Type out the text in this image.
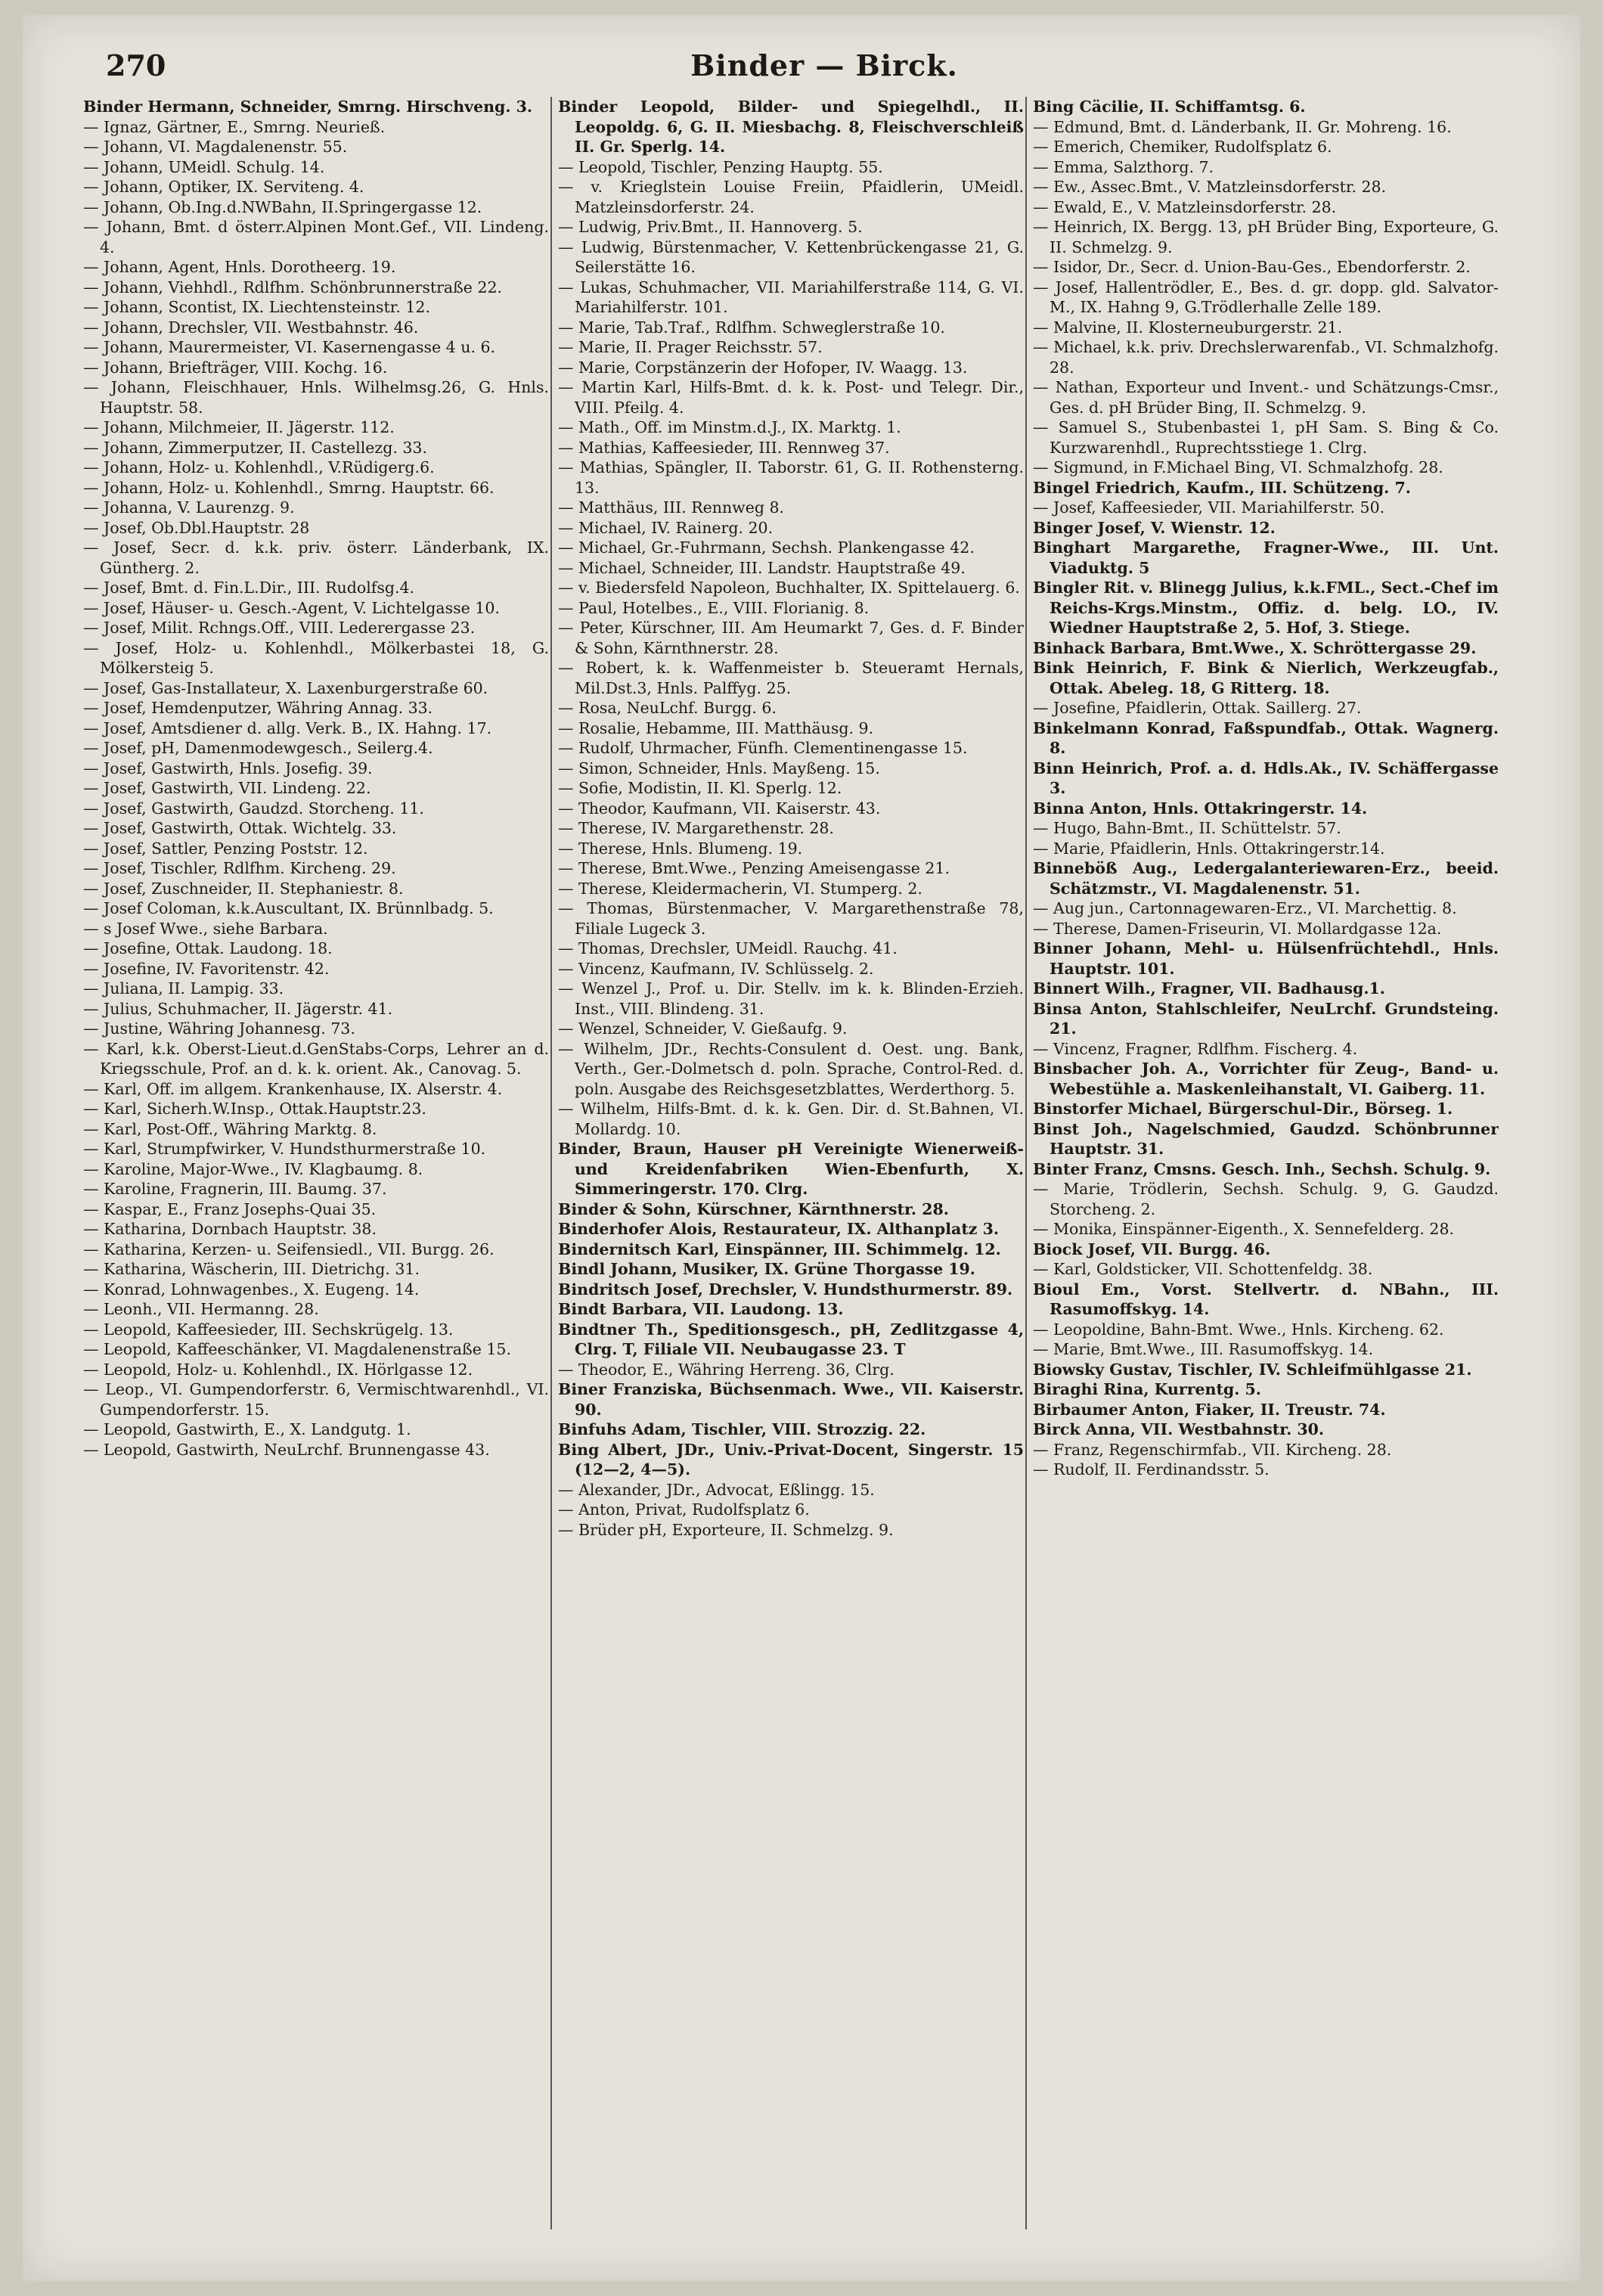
270	Binder — Birck.
Binder Hermann, Schneider, Smrng. Hirschveng. 3.
— Ignaz, Gärtner, E., Smrng. Neurieß.
— Johann, VI. Magdalenenstr. 55.
— Johann, UMeidl. Schulg. 14.
— Johann, Optiker, IX. Serviteng. 4.
— Johann, Ob.Ing.d.NWBahn, II.Springergasse 12.
— Johann, Bmt. d österr.Alpinen Mont.Gef., VII. Lindeng. 4.
— Johann, Agent, Hnls. Dorotheerg. 19.
— Johann, Viehhdl., Rdlfhm. Schönbrunnerstraße 22.
— Johann, Scontist, IX. Liechtensteinstr. 12.
— Johann, Drechsler, VII. Westbahnstr. 46.
— Johann, Maurermeister, VI. Kasernengasse 4 u. 6.
— Johann, Briefträger, VIII. Kochg. 16.
— Johann, Fleischhauer, Hnls. Wilhelmsg.26, G. Hnls. Hauptstr. 58.
— Johann, Milchmeier, II. Jägerstr. 112.
— Johann, Zimmerputzer, II. Castellezg. 33.
— Johann, Holz- u. Kohlenhdl., V.Rüdigerg.6.
— Johann, Holz- u. Kohlenhdl., Smrng. Hauptstr. 66.
— Johanna, V. Laurenzg. 9.
— Josef, Ob.Dbl.Hauptstr. 28
— Josef, Secr. d. k.k. priv. österr. Länderbank, IX. Güntherg. 2.
— Josef, Bmt. d. Fin.L.Dir., III. Rudolfsg.4.
— Josef, Häuser- u. Gesch.-Agent, V. Lichtelgasse 10.
— Josef, Milit. Rchngs.Off., VIII. Lederergasse 23.
— Josef, Holz- u. Kohlenhdl., Mölkerbastei 18, G. Mölkersteig 5.
— Josef, Gas-Installateur, X. Laxenburgerstraße 60.
— Josef, Hemdenputzer, Währing Annag. 33.
— Josef, Amtsdiener d. allg. Verk. B., IX. Hahng. 17.
— Josef, pH, Damenmodewgesch., Seilerg.4.
— Josef, Gastwirth, Hnls. Josefig. 39.
— Josef, Gastwirth, VII. Lindeng. 22.
— Josef, Gastwirth, Gaudzd. Storcheng. 11.
— Josef, Gastwirth, Ottak. Wichtelg. 33.
— Josef, Sattler, Penzing Poststr. 12.
— Josef, Tischler, Rdlfhm. Kircheng. 29.
— Josef, Zuschneider, II. Stephaniestr. 8.
— Josef Coloman, k.k.Auscultant, IX. Brünnlbadg. 5.
— s Josef Wwe., siehe Barbara.
— Josefine, Ottak. Laudong. 18.
— Josefine, IV. Favoritenstr. 42.
— Juliana, II. Lampig. 33.
— Julius, Schuhmacher, II. Jägerstr. 41.
— Justine, Währing Johannesg. 73.
— Karl, k.k. Oberst-Lieut.d.GenStabs-Corps, Lehrer an d. Kriegsschule, Prof. an d. k. k. orient. Ak., Canovag. 5.
— Karl, Off. im allgem. Krankenhause, IX. Alserstr. 4.
— Karl, Sicherh.W.Insp., Ottak.Hauptstr.23.
— Karl, Post-Off., Währing Marktg. 8.
— Karl, Strumpfwirker, V. Hundsthurmerstraße 10.
— Karoline, Major-Wwe., IV. Klagbaumg. 8.
— Karoline, Fragnerin, III. Baumg. 37.
— Kaspar, E., Franz Josephs-Quai 35.
— Katharina, Dornbach Hauptstr. 38.
— Katharina, Kerzen- u. Seifensiedl., VII. Burgg. 26.
— Katharina, Wäscherin, III. Dietrichg. 31.
— Konrad, Lohnwagenbes., X. Eugeng. 14.
— Leonh., VII. Hermanng. 28.
— Leopold, Kaffeesieder, III. Sechskrügelg. 13.
— Leopold, Kaffeeschänker, VI. Magdalenenstraße 15.
— Leopold, Holz- u. Kohlenhdl., IX. Hörlgasse 12.
— Leop., VI. Gumpendorferstr. 6, Vermischtwarenhdl., VI. Gumpendorferstr. 15.
— Leopold, Gastwirth, E., X. Landgutg. 1.
— Leopold, Gastwirth, NeuLrchf. Brunnengasse 43.
Binder Leopold, Bilder- und Spiegelhdl., II. Leopoldg. 6, G. II. Miesbachg. 8, Fleischverschleiß II. Gr. Sperlg. 14.
— Leopold, Tischler, Penzing Hauptg. 55.
— v. Krieglstein Louise Freiin, Pfaidlerin, UMeidl. Matzleinsdorferstr. 24.
— Ludwig, Priv.Bmt., II. Hannoverg. 5.
— Ludwig, Bürstenmacher, V. Kettenbrückengasse 21, G. Seilerstätte 16.
— Lukas, Schuhmacher, VII. Mariahilferstraße 114, G. VI. Mariahilferstr. 101.
— Marie, Tab.Traf., Rdlfhm. Schweglerstraße 10.
— Marie, II. Prager Reichsstr. 57.
— Marie, Corpstänzerin der Hofoper, IV. Waagg. 13.
— Martin Karl, Hilfs-Bmt. d. k. k. Post- und Telegr. Dir., VIII. Pfeilg. 4.
— Math., Off. im Minstm.d.J., IX. Marktg. 1.
— Mathias, Kaffeesieder, III. Rennweg 37.
— Mathias, Spängler, II. Taborstr. 61, G. II. Rothensterng. 13.
— Matthäus, III. Rennweg 8.
— Michael, IV. Rainerg. 20.
— Michael, Gr.-Fuhrmann, Sechsh. Plankengasse 42.
— Michael, Schneider, III. Landstr. Hauptstraße 49.
— v. Biedersfeld Napoleon, Buchhalter, IX. Spittelauerg. 6.
— Paul, Hotelbes., E., VIII. Florianig. 8.
— Peter, Kürschner, III. Am Heumarkt 7, Ges. d. F. Binder & Sohn, Kärnthnerstr. 28.
— Robert, k. k. Waffenmeister b. Steueramt Hernals, Mil.Dst.3, Hnls. Palffyg. 25.
— Rosa, NeuLchf. Burgg. 6.
— Rosalie, Hebamme, III. Matthäusg. 9.
— Rudolf, Uhrmacher, Fünfh. Clementinengasse 15.
— Simon, Schneider, Hnls. Mayßeng. 15.
— Sofie, Modistin, II. Kl. Sperlg. 12.
— Theodor, Kaufmann, VII. Kaiserstr. 43.
— Therese, IV. Margarethenstr. 28.
— Therese, Hnls. Blumeng. 19.
— Therese, Bmt.Wwe., Penzing Ameisengasse 21.
— Therese, Kleidermacherin, VI. Stumperg. 2.
— Thomas, Bürstenmacher, V. Margarethenstraße 78, Filiale Lugeck 3.
— Thomas, Drechsler, UMeidl. Rauchg. 41.
— Vincenz, Kaufmann, IV. Schlüsselg. 2.
— Wenzel J., Prof. u. Dir. Stellv. im k. k. Blinden-Erzieh. Inst., VIII. Blindeng. 31.
— Wenzel, Schneider, V. Gießaufg. 9.
— Wilhelm, JDr., Rechts-Consulent d. Oest. ung. Bank, Verth., Ger.-Dolmetsch d. poln. Sprache, Control-Red. d. poln. Ausgabe des Reichsgesetzblattes, Werderthorg. 5.
— Wilhelm, Hilfs-Bmt. d. k. k. Gen. Dir. d. St.Bahnen, VI. Mollardg. 10.
Binder, Braun, Hauser pH Vereinigte Wienerweiß- und Kreidenfabriken Wien-Ebenfurth, X. Simmeringerstr. 170. Clrg.
Binder & Sohn, Kürschner, Kärnthnerstr. 28.
Binderhofer Alois, Restaurateur, IX. Althanplatz 3.
Bindernitsch Karl, Einspänner, III. Schimmelg. 12.
Bindl Johann, Musiker, IX. Grüne Thorgasse 19.
Bindritsch Josef, Drechsler, V. Hundsthurmerstr. 89.
Bindt Barbara, VII. Laudong. 13.
Bindtner Th., Speditionsgesch., pH, Zedlitzgasse 4, Clrg. T, Filiale VII. Neubaugasse 23. T
— Theodor, E., Währing Herreng. 36, Clrg.
Biner Franziska, Büchsenmach. Wwe., VII. Kaiserstr. 90.
Binfuhs Adam, Tischler, VIII. Strozzig. 22.
Bing Albert, JDr., Univ.-Privat-Docent, Singerstr. 15 (12—2, 4—5).
— Alexander, JDr., Advocat, Eßlingg. 15.
— Anton, Privat, Rudolfsplatz 6.
— Brüder pH, Exporteure, II. Schmelzg. 9.
Bing Cäcilie, II. Schiffamtsg. 6.
— Edmund, Bmt. d. Länderbank, II. Gr. Mohreng. 16.
— Emerich, Chemiker, Rudolfsplatz 6.
— Emma, Salzthorg. 7.
— Ew., Assec.Bmt., V. Matzleinsdorferstr. 28.
— Ewald, E., V. Matzleinsdorferstr. 28.
— Heinrich, IX. Bergg. 13, pH Brüder Bing, Exporteure, G. II. Schmelzg. 9.
— Isidor, Dr., Secr. d. Union-Bau-Ges., Ebendorferstr. 2.
— Josef, Hallentrödler, E., Bes. d. gr. dopp. gld. Salvator-M., IX. Hahng 9, G.Trödlerhalle Zelle 189.
— Malvine, II. Klosterneuburgerstr. 21.
— Michael, k.k. priv. Drechslerwarenfab., VI. Schmalzhofg. 28.
— Nathan, Exporteur und Invent.- und Schätzungs-Cmsr., Ges. d. pH Brüder Bing, II. Schmelzg. 9.
— Samuel S., Stubenbastei 1, pH Sam. S. Bing & Co. Kurzwarenhdl., Ruprechtsstiege 1. Clrg.
— Sigmund, in F.Michael Bing, VI. Schmalzhofg. 28.
Bingel Friedrich, Kaufm., III. Schützeng. 7.
— Josef, Kaffeesieder, VII. Mariahilferstr. 50.
Binger Josef, V. Wienstr. 12.
Binghart Margarethe, Fragner-Wwe., III. Unt. Viaduktg. 5
Bingler Rit. v. Blinegg Julius, k.k.FML., Sect.-Chef im Reichs-Krgs.Minstm., Offiz. d. belg. LO., IV. Wiedner Hauptstraße 2, 5. Hof, 3. Stiege.
Binhack Barbara, Bmt.Wwe., X. Schröttergasse 29.
Bink Heinrich, F. Bink & Nierlich, Werkzeugfab., Ottak. Abeleg. 18, G Ritterg. 18.
— Josefine, Pfaidlerin, Ottak. Saillerg. 27.
Binkelmann Konrad, Faßspundfab., Ottak. Wagnerg. 8.
Binn Heinrich, Prof. a. d. Hdls.Ak., IV. Schäffergasse 3.
Binna Anton, Hnls. Ottakringerstr. 14.
— Hugo, Bahn-Bmt., II. Schüttelstr. 57.
— Marie, Pfaidlerin, Hnls. Ottakringerstr.14.
Binneböß Aug., Ledergalanteriewaren-Erz., beeid. Schätzmstr., VI. Magdalenenstr. 51.
— Aug jun., Cartonnagewaren-Erz., VI. Marchettig. 8.
— Therese, Damen-Friseurin, VI. Mollardgasse 12a.
Binner Johann, Mehl- u. Hülsenfrüchtehdl., Hnls. Hauptstr. 101.
Binnert Wilh., Fragner, VII. Badhausg.1.
Binsa Anton, Stahlschleifer, NeuLrchf. Grundsteing. 21.
— Vincenz, Fragner, Rdlfhm. Fischerg. 4.
Binsbacher Joh. A., Vorrichter für Zeug-, Band- u. Webestühle a. Maskenleihanstalt, VI. Gaiberg. 11.
Binstorfer Michael, Bürgerschul-Dir., Börseg. 1.
Binst Joh., Nagelschmied, Gaudzd. Schönbrunner Hauptstr. 31.
Binter Franz, Cmsns. Gesch. Inh., Sechsh. Schulg. 9.
— Marie, Trödlerin, Sechsh. Schulg. 9, G. Gaudzd. Storcheng. 2.
— Monika, Einspänner-Eigenth., X. Sennefelderg. 28.
Biock Josef, VII. Burgg. 46.
— Karl, Goldsticker, VII. Schottenfeldg. 38.
Bioul Em., Vorst. Stellvertr. d. NBahn., III. Rasumoffskyg. 14.
— Leopoldine, Bahn-Bmt. Wwe., Hnls. Kircheng. 62.
— Marie, Bmt.Wwe., III. Rasumoffskyg. 14.
Biowsky Gustav, Tischler, IV. Schleifmühlgasse 21.
Biraghi Rina, Kurrentg. 5.
Birbaumer Anton, Fiaker, II. Treustr. 74.
Birck Anna, VII. Westbahnstr. 30.
— Franz, Regenschirmfab., VII. Kircheng. 28.
— Rudolf, II. Ferdinandsstr. 5.
